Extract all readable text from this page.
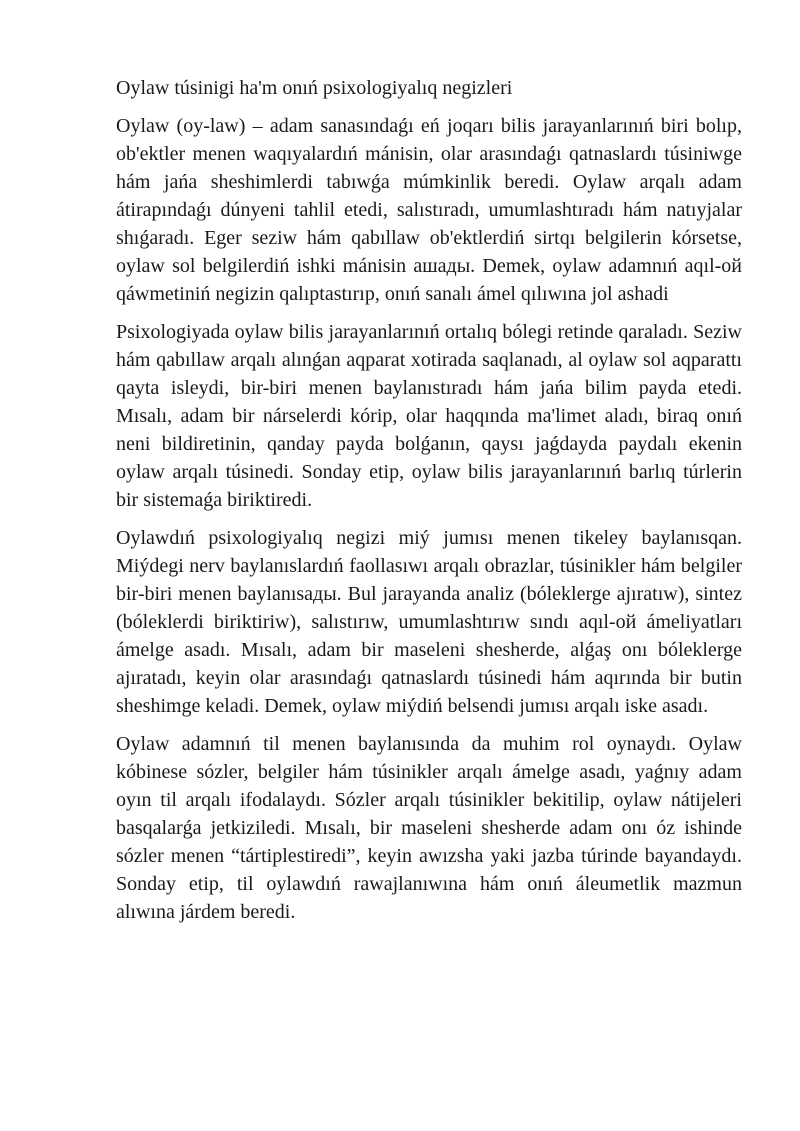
Oylaw túsinigi ha'm onıń psixologiyalıq negizleri

Oylaw (oy-law) – adam sanasındaǵı eń joqarı bilis jarayanlarınıń biri bolıp, ob'ektler menen waqıyalardıń mánisin, olar arasındaǵı qatnaslardı túsiniwge hám jańa sheshimlerdi tabıwǵa múmkinlik beredi. Oylaw arqalı adam átirapındaǵı dúnyeni tahlil etedi, salıstıradı, umumlashtıradı hám natıyjalar shıǵaradı. Eger seziw hám qabıllaw ob'ektlerdiń sirtqı belgilerin kórsetse, oylaw sol belgilerdiń ishki mánisin ашады. Demek, oylaw adamnıń aqıl-ой qáwmetiniń negizin qalıptastırıp, onıń sanalı ámel qılıwına jol ashadi

Psixologiyada oylaw bilis jarayanlarınıń ortalıq bólegi retinde qaraladı. Seziw hám qabıllaw arqalı alınǵan aqparat xotirada saqlanadı, al oylaw sol aqparattı qayta isleydi, bir-biri menen baylanıstıradı hám jańa bilim payda etedi. Mısalı, adam bir nárselerdi kórip, olar haqqında ma'limet aladı, biraq onıń neni bildiretinin, qanday payda bolǵanın, qaysı jaǵdayda paydalı ekenin oylaw arqalı túsinedi. Sonday etip, oylaw bilis jarayanlarınıń barlıq túrlerin bir sistemaǵa biriktiredi.

Oylawdıń psixologiyalıq negizi miý jumısı menen tikeley baylanısqan. Miýdegi nerv baylanıslardıń faollasıwı arqalı obrazlar, túsinikler hám belgiler bir-biri menen baylanısады. Bul jarayanda analiz (bóleklerge ajıratıw), sintez (bóleklerdi biriktiriw), salıstırıw, umumlashtırıw sındı aqıl-ой ámeliyatları ámelge asadı. Mısalı, adam bir maseleni shesherde, alǵaş onı bóleklerge ajıratadı, keyin olar arasındaǵı qatnaslardı túsinedi hám aqırında bir butin sheshimge keladi. Demek, oylaw miýdiń belsendi jumısı arqalı iske asadı.

Oylaw adamnıń til menen baylanısında da muhim rol oynaydı. Oylaw kóbinese sózler, belgiler hám túsinikler arqalı ámelge asadı, yaǵnıy adam oyın til arqalı ifodalaydı. Sózler arqalı túsinikler bekitilip, oylaw nátijeleri basqalarǵa jetkiziledi. Mısalı, bir maseleni shesherde adam onı óz ishinde sózler menen “tártiplestiredi”, keyin awızsha yaki jazba túrinde bayandaydı. Sonday etip, til oylawdıń rawajlanıwına hám onıń áleumetlik mazmun alıwına járdem beredi.
